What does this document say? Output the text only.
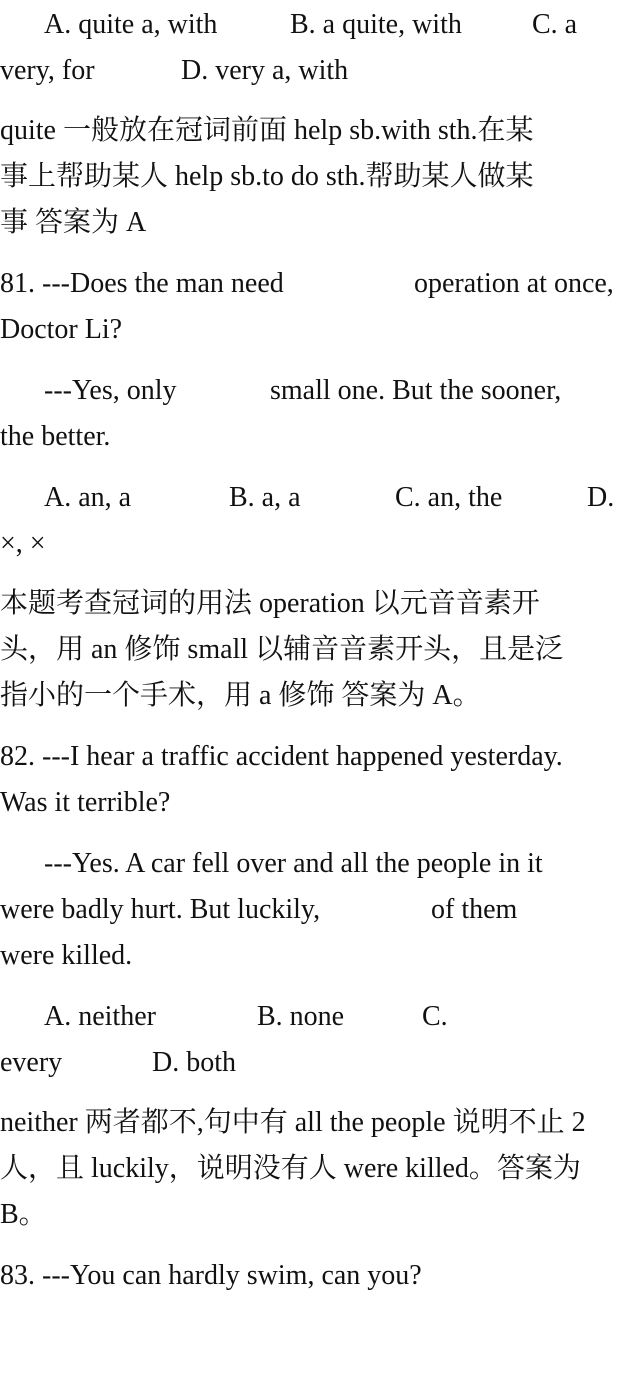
A. quite a, with	B. a quite, with	C. a
very, for	D. very a, with
quite 一般放在冠词前面 help sb.with sth.在某
事上帮助某人 help sb.to do sth.帮助某人做某
事 答案为 A
81. ---Does the man need	operation at once,
Doctor Li?
---Yes, only	small one. But the sooner,
the better.
A. an, a	B. a, a	C. an, the	D.
×, ×
本题考查冠词的用法 operation 以元音音素开
头，用 an 修饰 small 以辅音音素开头，且是泛
指小的一个手术，用 a 修饰 答案为 A。
82. ---I hear a traffic accident happened yesterday.
Was it terrible?
---Yes. A car fell over and all the people in it
were badly hurt. But luckily,	of them
were killed.
A. neither	B. none	C.
every	D. both
neither 两者都不,句中有 all the people 说明不止 2
人，且 luckily，说明没有人 were killed。答案为
B。
83. ---You can hardly swim, can you?
